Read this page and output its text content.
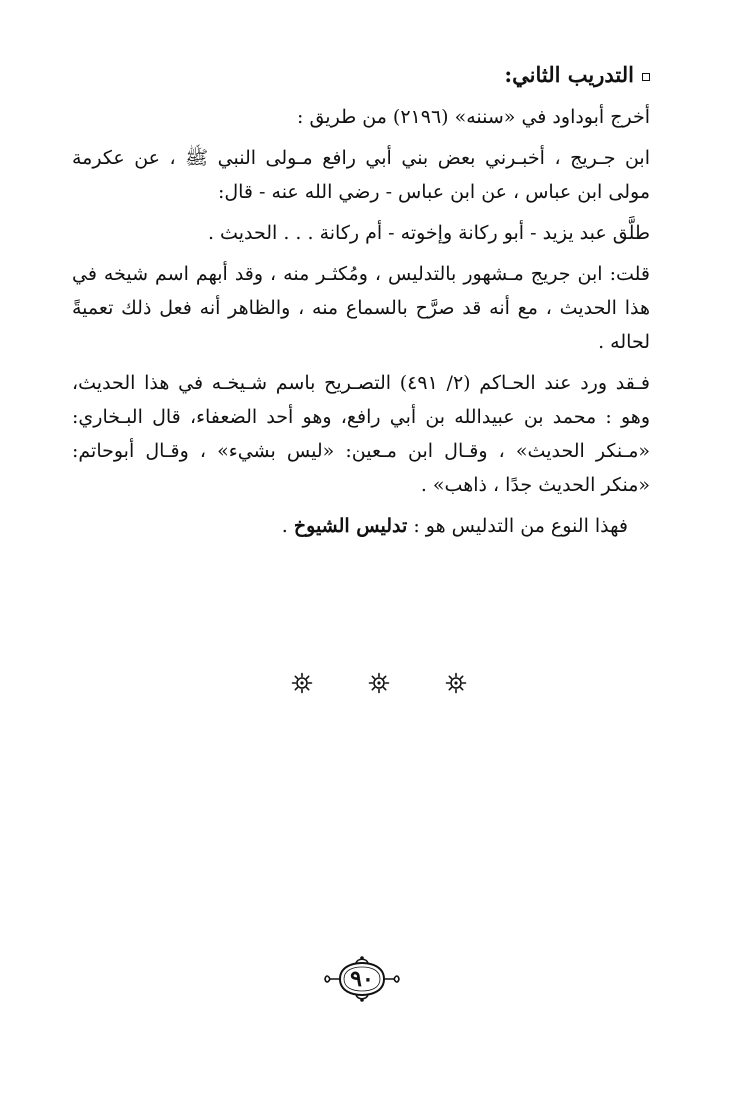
التدريب الثاني:

أخرج أبوداود في «سننه» (٢١٩٦) من طريق :

ابن جـريج ، أخبـرني بعض بني أبي رافع مـولى النبي ﷺ ، عن عكرمة مولى ابن عباس ، عن ابن عباس - رضي الله عنه - قال:

طلَّق عبد يزيد - أبو ركانة وإخوته - أم ركانة . . . الحديث .

قلت: ابن جريج مـشهور بالتدليس ، ومُكثـر منه ، وقد أبهم اسم شيخه في هذا الحديث ، مع أنه قد صرَّح بالسماع منه ، والظاهر أنه فعل ذلك تعميةً لحاله .

فـقد ورد عند الحـاكم (٢/ ٤٩١) التصـريح باسم شـيخـه في هذا الحديث، وهو : محمد بن عبيدالله بن أبي رافع، وهو أحد الضعفاء، قال البـخاري: «مـنكر الحديث» ، وقـال ابن مـعين: «ليس بشيء» ، وقـال أبوحاتم: «منكر الحديث جدًا ، ذاهب» .

فهذا النوع من التدليس هو : تدليس الشيوخ .

٩٠
